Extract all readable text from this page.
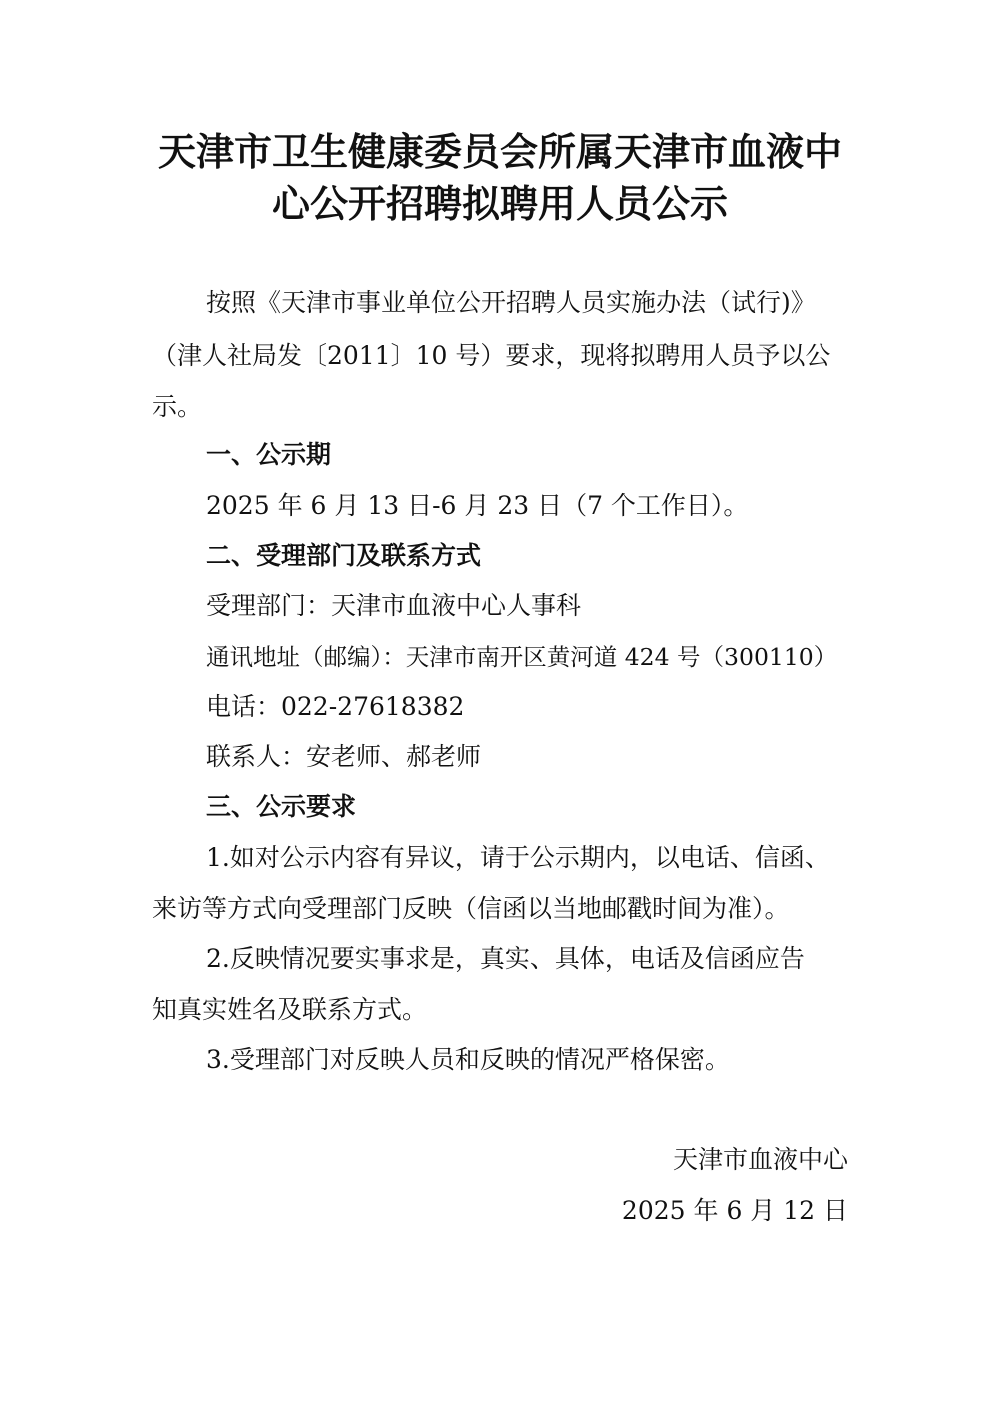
天津市卫生健康委员会所属天津市血液中
心公开招聘拟聘用人员公示
按照《天津市事业单位公开招聘人员实施办法（试行)》
（津人社局发〔2011〕10 号）要求，现将拟聘用人员予以公
示。
一、公示期
2025 年 6 月 13 日-6 月 23 日（7 个工作日）。
二、受理部门及联系方式
受理部门：天津市血液中心人事科
通讯地址（邮编）：天津市南开区黄河道 424 号（300110）
电话：022-27618382
联系人：安老师、郝老师
三、公示要求
1.如对公示内容有异议，请于公示期内，以电话、信函、
来访等方式向受理部门反映（信函以当地邮戳时间为准）。
2.反映情况要实事求是，真实、具体，电话及信函应告
知真实姓名及联系方式。
3.受理部门对反映人员和反映的情况严格保密。
天津市血液中心
2025 年 6 月 12 日
